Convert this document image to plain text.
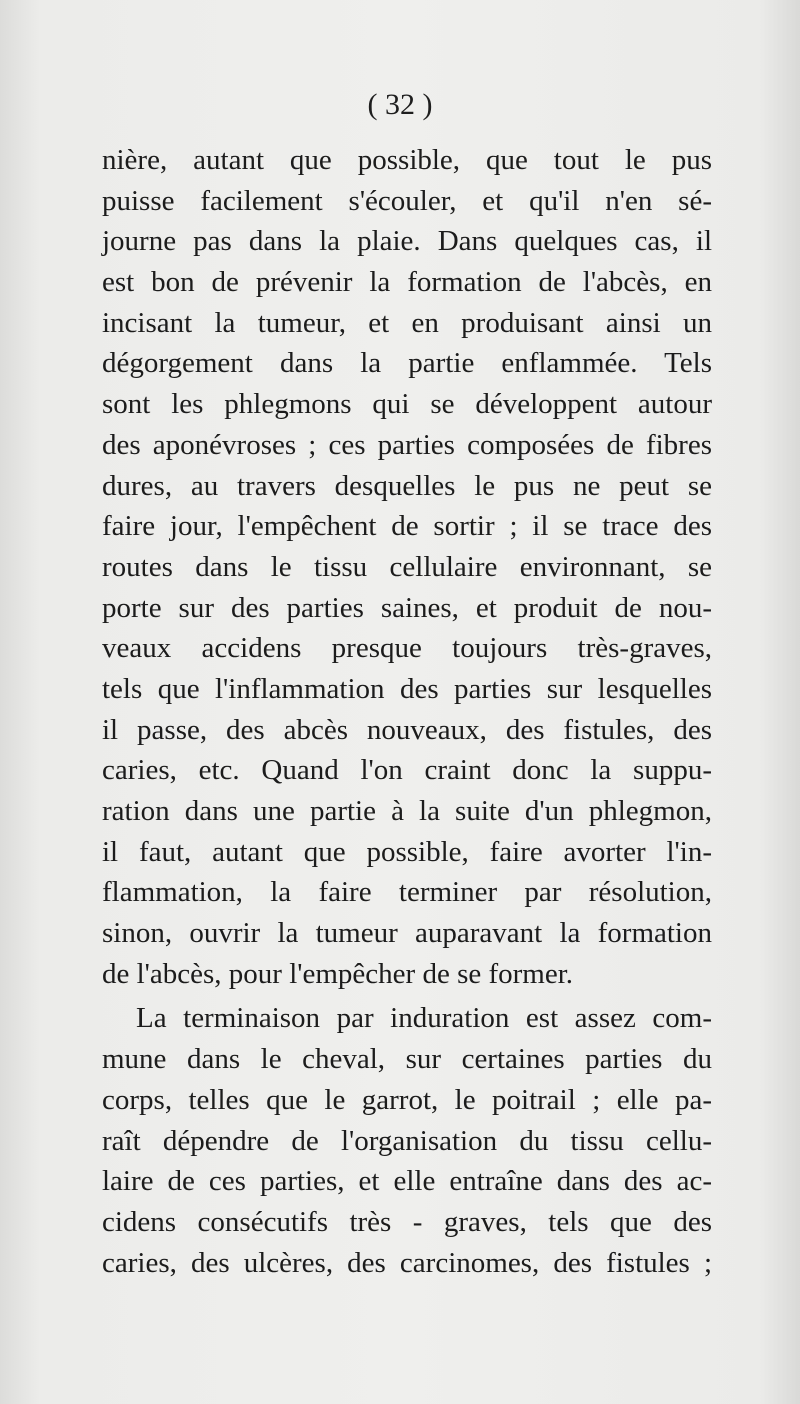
( 32 )
nière, autant que possible, que tout le pus
puisse facilement s'écouler, et qu'il n'en sé-
journe pas dans la plaie. Dans quelques cas, il
est bon de prévenir la formation de l'abcès, en
incisant la tumeur, et en produisant ainsi un
dégorgement dans la partie enflammée. Tels
sont les phlegmons qui se développent autour
des aponévroses ; ces parties composées de fibres
dures, au travers desquelles le pus ne peut se
faire jour, l'empêchent de sortir ; il se trace des
routes dans le tissu cellulaire environnant, se
porte sur des parties saines, et produit de nou-
veaux accidens presque toujours très-graves,
tels que l'inflammation des parties sur lesquelles
il passe, des abcès nouveaux, des fistules, des
caries, etc. Quand l'on craint donc la suppu-
ration dans une partie à la suite d'un phlegmon,
il faut, autant que possible, faire avorter l'in-
flammation, la faire terminer par résolution,
sinon, ouvrir la tumeur auparavant la formation
de l'abcès, pour l'empêcher de se former.
La terminaison par induration est assez com-
mune dans le cheval, sur certaines parties du
corps, telles que le garrot, le poitrail ; elle pa-
raît dépendre de l'organisation du tissu cellu-
laire de ces parties, et elle entraîne dans des ac-
cidens consécutifs très - graves, tels que des
caries, des ulcères, des carcinomes, des fistules ;
